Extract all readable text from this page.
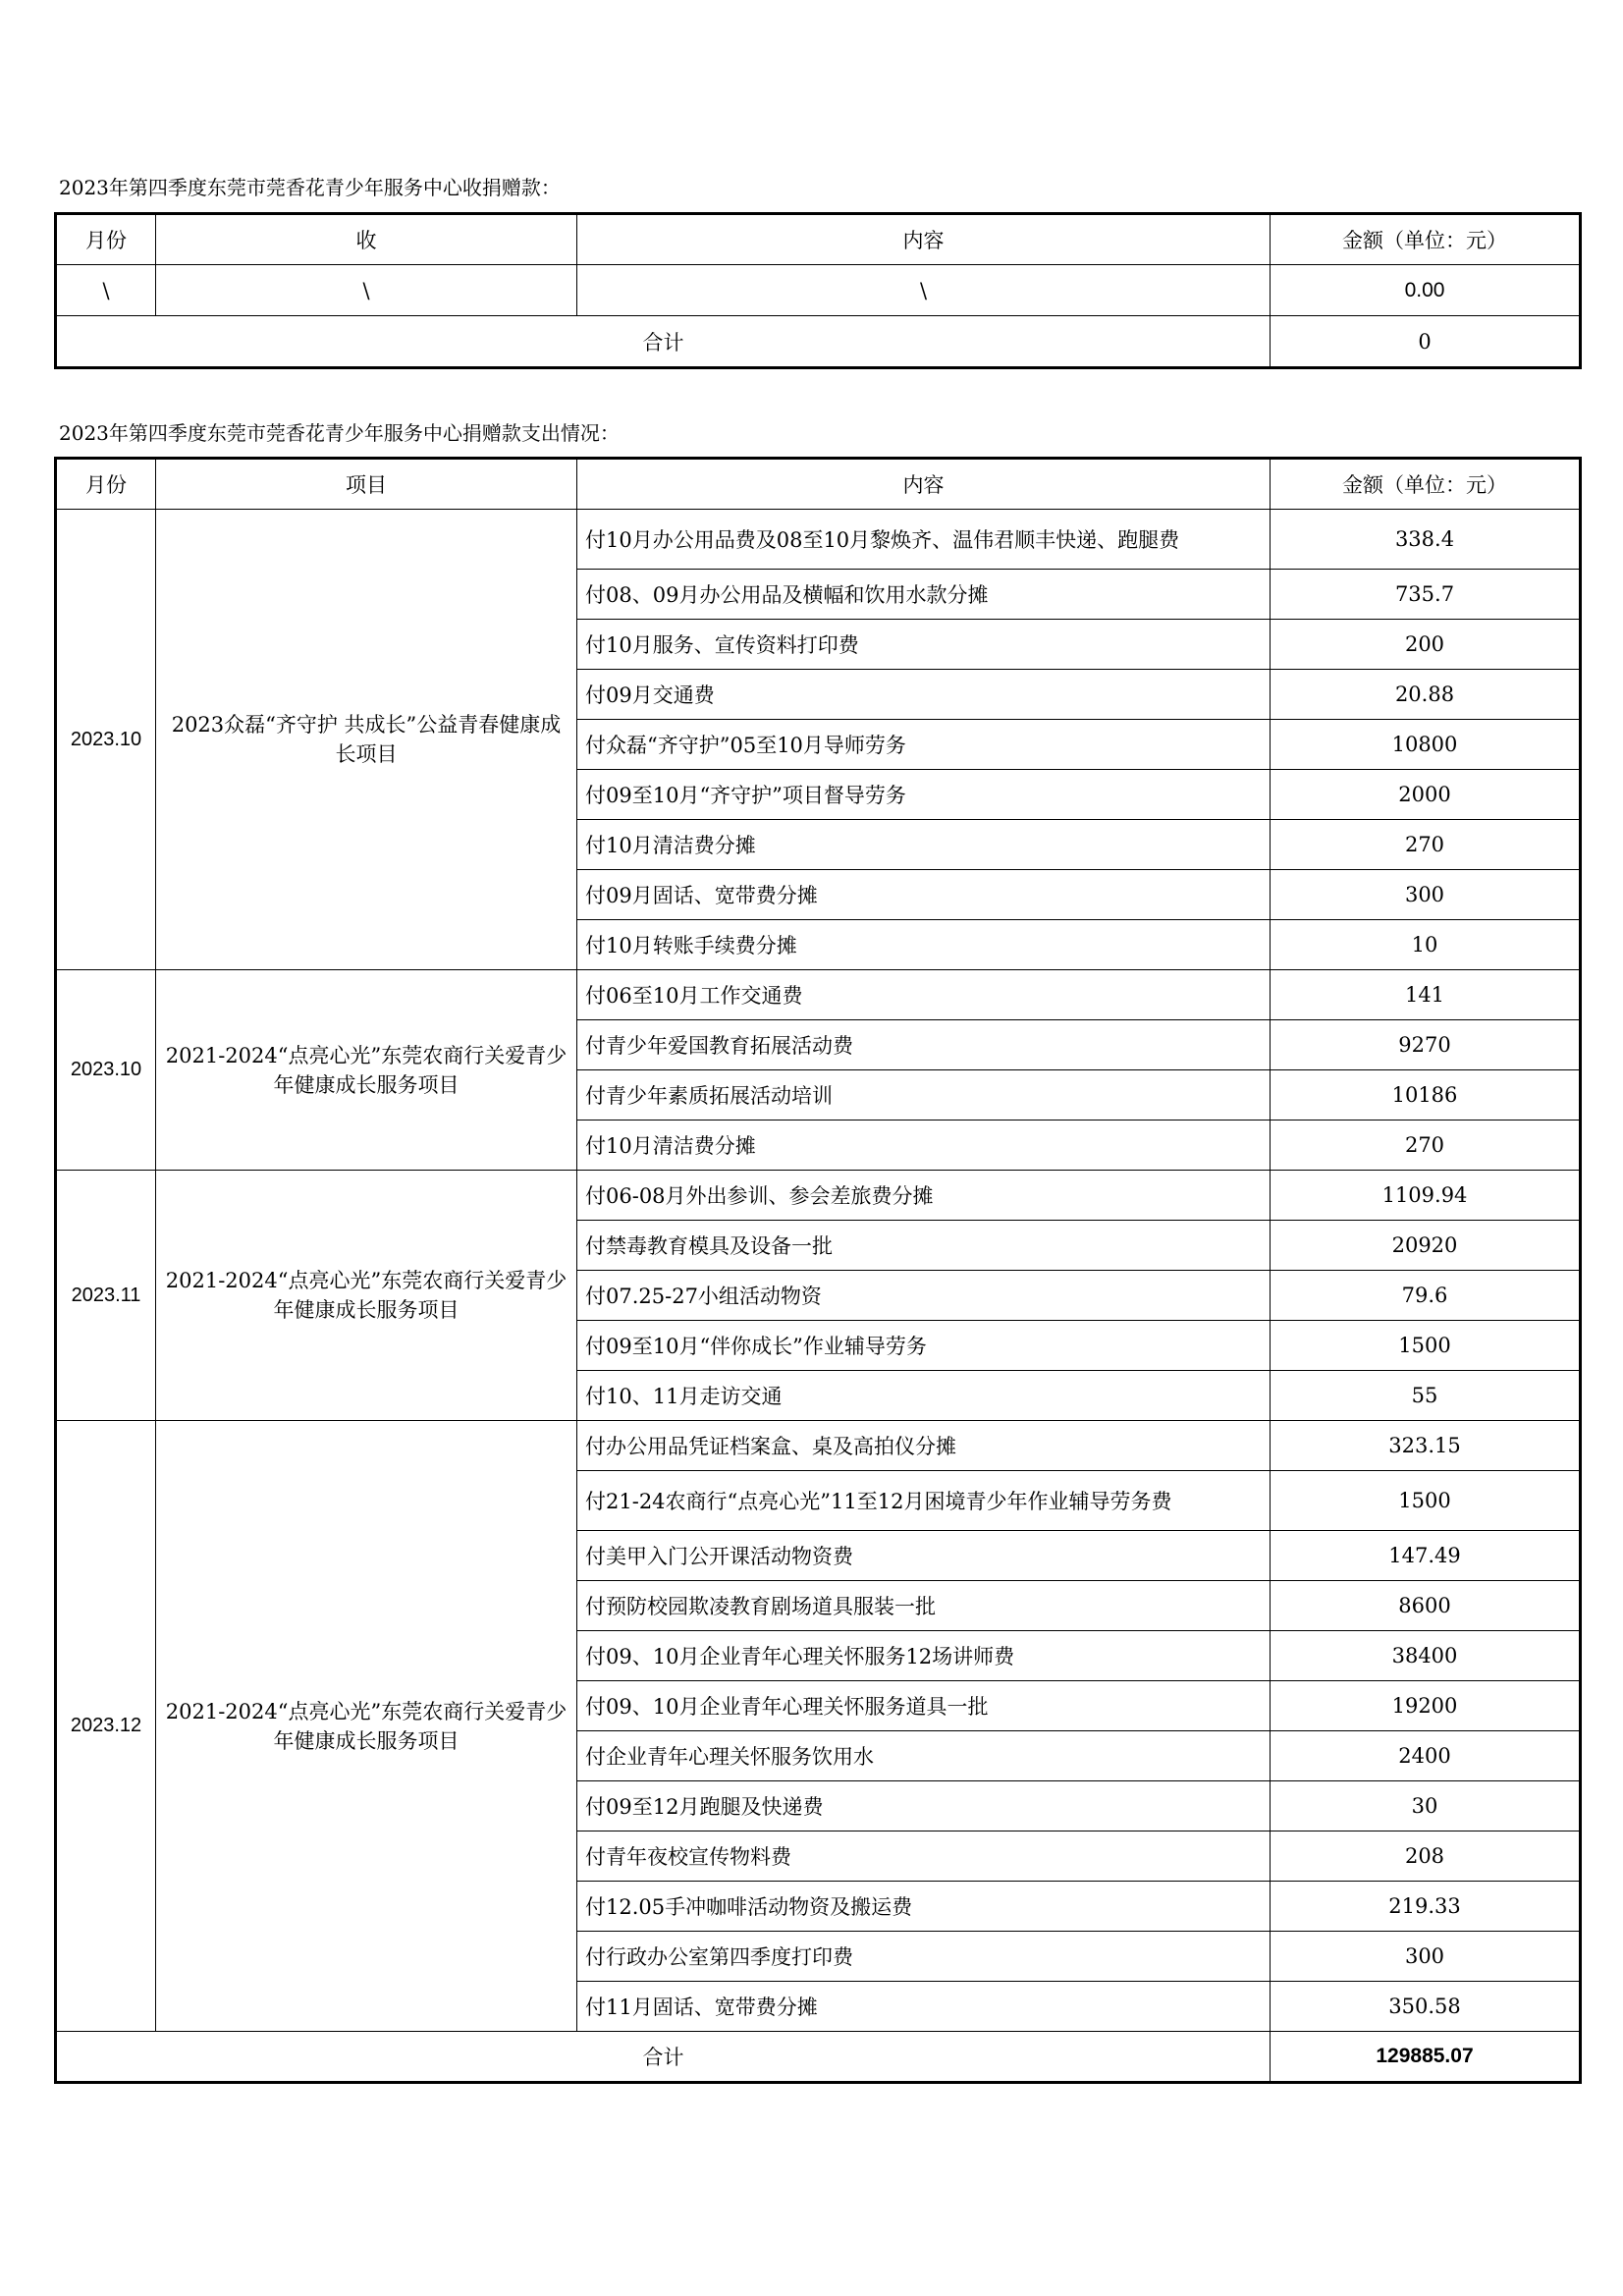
2023年第四季度东莞市莞香花青少年服务中心收捐赠款：
月份	收	内容	金额（单位：元）
\	\	\	0.00
合计			0
2023年第四季度东莞市莞香花青少年服务中心捐赠款支出情况：
月份	项目	内容	金额（单位：元）
2023.10	2023众磊“齐守护 共成长”公益青春健康成长项目	付10月办公用品费及08至10月黎焕齐、温伟君顺丰快递、跑腿费	338.4
		付08、09月办公用品及横幅和饮用水款分摊	735.7
		付10月服务、宣传资料打印费	200
		付09月交通费	20.88
		付众磊“齐守护”05至10月导师劳务	10800
		付09至10月“齐守护”项目督导劳务	2000
		付10月清洁费分摊	270
		付09月固话、宽带费分摊	300
		付10月转账手续费分摊	10
2023.10	2021-2024“点亮心光”东莞农商行关爱青少年健康成长服务项目	付06至10月工作交通费	141
		付青少年爱国教育拓展活动费	9270
		付青少年素质拓展活动培训	10186
		付10月清洁费分摊	270
2023.11	2021-2024“点亮心光”东莞农商行关爱青少年健康成长服务项目	付06-08月外出参训、参会差旅费分摊	1109.94
		付禁毒教育模具及设备一批	20920
		付07.25-27小组活动物资	79.6
		付09至10月“伴你成长”作业辅导劳务	1500
		付10、11月走访交通	55
2023.12	2021-2024“点亮心光”东莞农商行关爱青少年健康成长服务项目	付办公用品凭证档案盒、桌及高拍仪分摊	323.15
		付21-24农商行“点亮心光”11至12月困境青少年作业辅导劳务费	1500
		付美甲入门公开课活动物资费	147.49
		付预防校园欺凌教育剧场道具服装一批	8600
		付09、10月企业青年心理关怀服务12场讲师费	38400
		付09、10月企业青年心理关怀服务道具一批	19200
		付企业青年心理关怀服务饮用水	2400
		付09至12月跑腿及快递费	30
		付青年夜校宣传物料费	208
		付12.05手冲咖啡活动物资及搬运费	219.33
		付行政办公室第四季度打印费	300
		付11月固话、宽带费分摊	350.58
合计			129885.07
